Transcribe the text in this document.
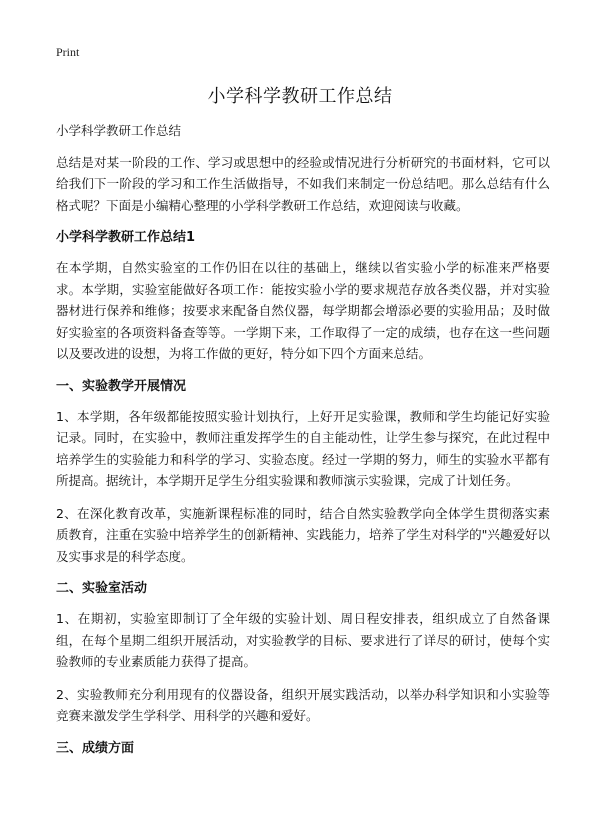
Print
小学科学教研工作总结

小学科学教研工作总结

总结是对某一阶段的工作、学习或思想中的经验或情况进行分析研究的书面材料，它可以给我们下一阶段的学习和工作生活做指导，不如我们来制定一份总结吧。那么总结有什么格式呢？下面是小编精心整理的小学科学教研工作总结，欢迎阅读与收藏。

小学科学教研工作总结1

在本学期，自然实验室的工作仍旧在以往的基础上，继续以省实验小学的标准来严格要求。本学期，实验室能做好各项工作：能按实验小学的要求规范存放各类仪器，并对实验器材进行保养和维修；按要求来配备自然仪器，每学期都会增添必要的实验用品；及时做好实验室的各项资料备查等等。一学期下来，工作取得了一定的成绩，也存在这一些问题以及要改进的设想，为将工作做的更好，特分如下四个方面来总结。

一、实验教学开展情况

1、本学期，各年级都能按照实验计划执行，上好开足实验课，教师和学生均能记好实验记录。同时，在实验中，教师注重发挥学生的自主能动性，让学生参与探究，在此过程中培养学生的实验能力和科学的学习、实验态度。经过一学期的努力，师生的实验水平都有所提高。据统计，本学期开足学生分组实验课和教师演示实验课，完成了计划任务。

2、在深化教育改革，实施新课程标准的同时，结合自然实验教学向全体学生贯彻落实素质教育，注重在实验中培养学生的创新精神、实践能力，培养了学生对科学的"兴趣爱好以及实事求是的科学态度。

二、实验室活动

1、在期初，实验室即制订了全年级的实验计划、周日程安排表，组织成立了自然备课组，在每个星期二组织开展活动，对实验教学的目标、要求进行了详尽的研讨，使每个实验教师的专业素质能力获得了提高。

2、实验教师充分利用现有的仪器设备，组织开展实践活动，以举办科学知识和小实验等竞赛来激发学生学科学、用科学的兴趣和爱好。

三、成绩方面
